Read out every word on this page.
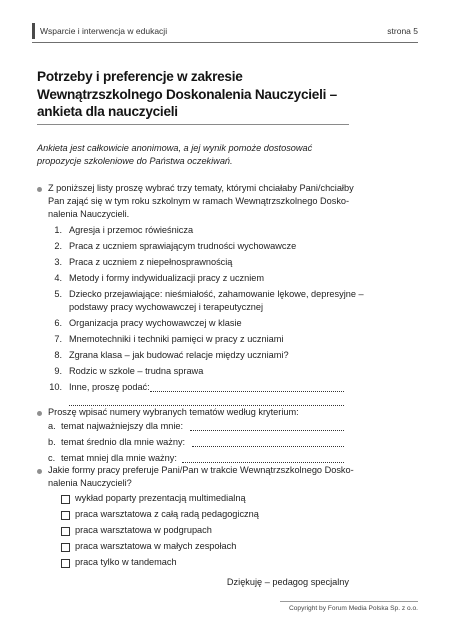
Wsparcie i interwencja w edukacji	strona 5
Potrzeby i preferencje w zakresie Wewnątrzszkolnego Doskonalenia Nauczycieli – ankieta dla nauczycieli
Ankieta jest całkowicie anonimowa, a jej wynik pomoże dostosować propozycje szkoleniowe do Państwa oczekiwań.
Z poniższej listy proszę wybrać trzy tematy, którymi chciałaby Pani/chciałby
Pan zająć się w tym roku szkolnym w ramach Wewnątrzszkolnego Dosko-
nalenia Nauczycieli.
1. Agresja i przemoc rówieśnicza
2. Praca z uczniem sprawiającym trudności wychowawcze
3. Praca z uczniem z niepełnosprawnością
4. Metody i formy indywidualizacji pracy z uczniem
5. Dziecko przejawiające: nieśmiałość, zahamowanie lękowe, depresyjne –
podstawy pracy wychowawczej i terapeutycznej
6. Organizacja pracy wychowawczej w klasie
7. Mnemotechniki i techniki pamięci w pracy z uczniami
8. Zgrana klasa – jak budować relacje między uczniami?
9. Rodzic w szkole – trudna sprawa
10. Inne, proszę podać:
Proszę wpisać numery wybranych tematów według kryterium:
a. temat najważniejszy dla mnie:
b. temat średnio dla mnie ważny:
c. temat mniej dla mnie ważny:
Jakie formy pracy preferuje Pani/Pan w trakcie Wewnątrzszkolnego Dosko-
nalenia Nauczycieli?
wykład poparty prezentacją multimedialną
praca warsztatowa z całą radą pedagogiczną
praca warsztatowa w podgrupach
praca warsztatowa w małych zespołach
praca tylko w tandemach
Dziękuję – pedagog specjalny
Copyright by Forum Media Polska Sp. z o.o.
